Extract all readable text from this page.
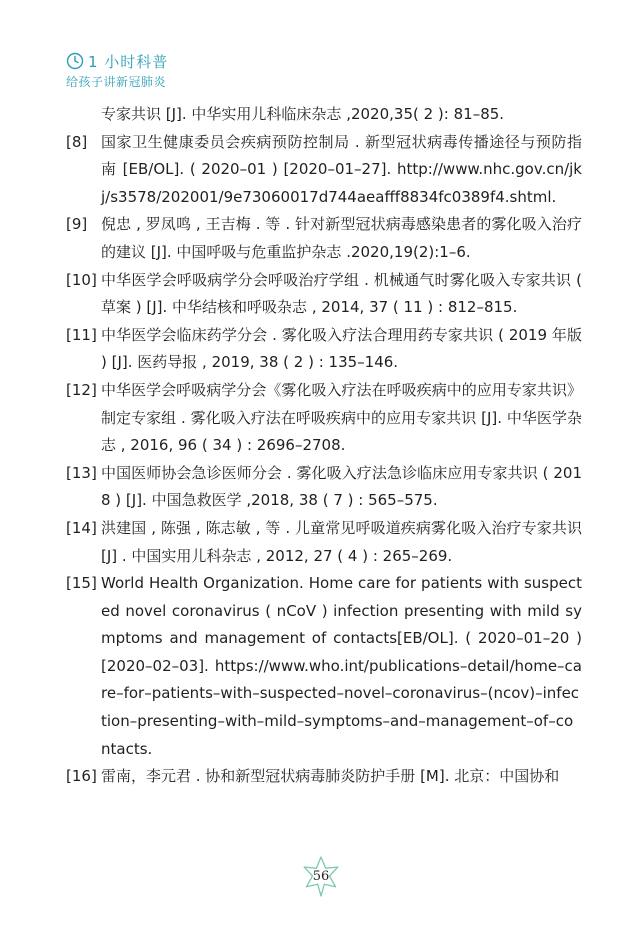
1 小时科普
给孩子讲新冠肺炎
专家共识 [J]. 中华实用儿科临床杂志 ,2020,35( 2 ): 81–85.
[8] 国家卫生健康委员会疾病预防控制局 . 新型冠状病毒传播途径与预防指 南 [EB/OL]. ( 2020–01 ) [2020–01–27]. http://www.nhc.gov.cn/jkj/s3578/202001/9e73060017d744aeafff8834fc0389f4.shtml.
[9] 倪忠 , 罗凤鸣 , 王吉梅 . 等 . 针对新型冠状病毒感染患者的雾化吸入治疗的建议 [J]. 中国呼吸与危重监护杂志 .2020,19(2):1–6.
[10] 中华医学会呼吸病学分会呼吸治疗学组 . 机械通气时雾化吸入专家共识 ( 草案 ) [J]. 中华结核和呼吸杂志 , 2014, 37 ( 11 ) : 812–815.
[11] 中华医学会临床药学分会 . 雾化吸入疗法合理用药专家共识 ( 2019 年版 ) [J]. 医药导报 , 2019, 38 ( 2 ) : 135–146.
[12] 中华医学会呼吸病学分会《雾化吸入疗法在呼吸疾病中的应用专家共识》制定专家组 . 雾化吸入疗法在呼吸疾病中的应用专家共识 [J]. 中华医学杂志 , 2016, 96 ( 34 ) : 2696–2708.
[13] 中国医师协会急诊医师分会 . 雾化吸入疗法急诊临床应用专家共识 ( 2018 ) [J]. 中国急救医学 ,2018, 38 ( 7 ) : 565–575.
[14] 洪建国 , 陈强 , 陈志敏 , 等 . 儿童常见呼吸道疾病雾化吸入治疗专家共识 [J] . 中国实用儿科杂志 , 2012, 27 ( 4 ) : 265–269.
[15] World Health Organization. Home care for patients with suspected novel coronavirus ( nCoV ) infection presenting with mild symptoms and management of contacts[EB/OL]. ( 2020–01–20 ) [2020–02–03]. https://www.who.int/publications–detail/home–care–for–patients–with–suspected–novel–coronavirus–(ncov)–infection–presenting–with–mild–symptoms–and–management–of–contacts.
[16] 雷南，李元君 . 协和新型冠状病毒肺炎防护手册 [M]. 北京：中国协和
56
